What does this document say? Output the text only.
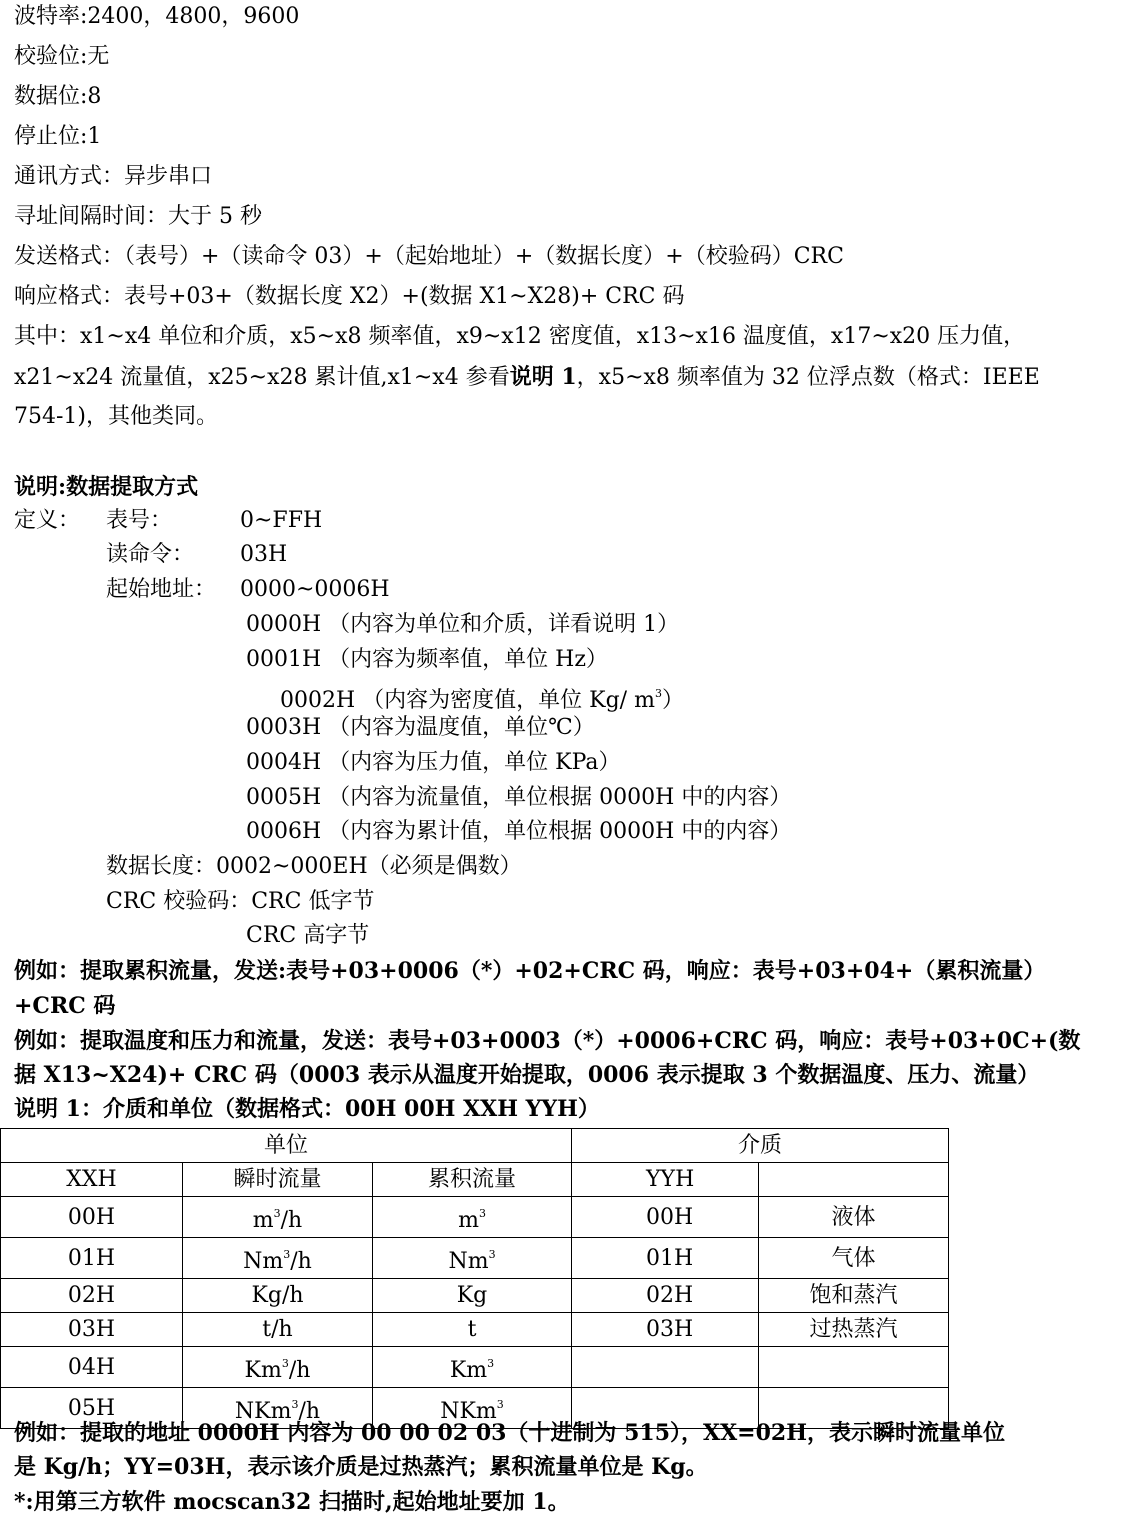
波特率:2400，4800，9600
校验位:无
数据位:8
停止位:1
通讯方式：异步串口
寻址间隔时间：大于 5 秒
发送格式：（表号）+（读命令 03）+（起始地址）+（数据长度）+（校验码）CRC
响应格式：表号+03+（数据长度 X2）+(数据 X1~X28)+ CRC 码
其中：x1~x4 单位和介质，x5~x8 频率值，x9~x12 密度值，x13~x16 温度值，x17~x20 压力值，
x21~x24 流量值，x25~x28 累计值,x1~x4 参看说明 1，x5~x8 频率值为 32 位浮点数（格式：IEEE
754-1)，其他类同。
说明:数据提取方式
定义： 表号：	0~FFH
读命令： 03H
起始地址： 0000~0006H
0000H （内容为单位和介质，详看说明 1）
0001H （内容为频率值，单位 Hz）
0002H （内容为密度值，单位 Kg/ $m^3$）
0003H （内容为温度值，单位℃）
0004H （内容为压力值，单位 KPa）
0005H （内容为流量值，单位根据 0000H 中的内容）
0006H （内容为累计值，单位根据 0000H 中的内容）
数据长度：0002~000EH（必须是偶数）
CRC 校验码：CRC 低字节
CRC 高字节
例如：提取累积流量，发送:表号+03+0006（*）+02+CRC 码，响应：表号+03+04+（累积流量）
+CRC 码
例如：提取温度和压力和流量，发送：表号+03+0003（*）+0006+CRC 码，响应：表号+03+0C+(数
据 X13~X24)+ CRC 码（0003 表示从温度开始提取，0006 表示提取 3 个数据温度、压力、流量）
说明 1：介质和单位（数据格式：00H 00H XXH YYH）
单位			介质	
XXH	瞬时流量	累积流量	YYH	
00H	$m^3/h$	$m^3$	00H	液体
01H	Nm$^3$/h	Nm$^3$	01H	气体
02H	Kg/h	Kg	02H	饱和蒸汽
03H	t/h	t	03H	过热蒸汽
04H	Km$^3$/h	Km$^3$		
05H	NKm$^3$/h	NKm$^3$		
例如：提取的地址 0000H 内容为 00 00 02 03（十进制为 515），XX=02H，表示瞬时流量单位
是 Kg/h；YY=03H，表示该介质是过热蒸汽；累积流量单位是 Kg。
*:用第三方软件 mocscan32 扫描时,起始地址要加 1。
